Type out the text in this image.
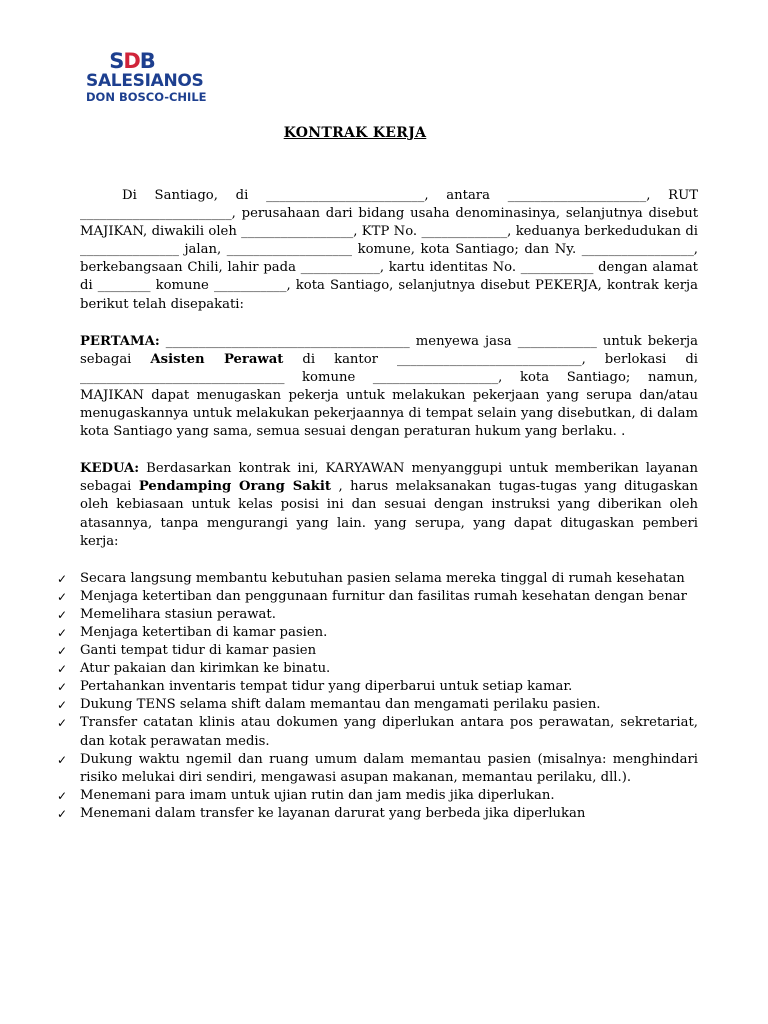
SDB
SALESIANOS
DON BOSCO-CHILE
KONTRAK KERJA

Di Santiago, di ________________________, antara _____________________, RUT _______________________, perusahaan dari bidang usaha denominasinya, selanjutnya disebut MAJIKAN, diwakili oleh _________________, KTP No. _____________, keduanya berkedudukan di _______________ jalan, ___________________ komune, kota Santiago; dan Ny. _________________, berkebangsaan Chili, lahir pada ____________, kartu identitas No. ___________ dengan alamat di ________ komune ___________, kota Santiago, selanjutnya disebut PEKERJA, kontrak kerja berikut telah disepakati:

PERTAMA: _____________________________________ menyewa jasa ____________ untuk bekerja sebagai Asisten Perawat di kantor ____________________________, berlokasi di _______________________________ komune ___________________, kota Santiago; namun, MAJIKAN dapat menugaskan pekerja untuk melakukan pekerjaan yang serupa dan/atau menugaskannya untuk melakukan pekerjaannya di tempat selain yang disebutkan, di dalam kota Santiago yang sama, semua sesuai dengan peraturan hukum yang berlaku. .

KEDUA: Berdasarkan kontrak ini, KARYAWAN menyanggupi untuk memberikan layanan sebagai Pendamping Orang Sakit , harus melaksanakan tugas-tugas yang ditugaskan oleh kebiasaan untuk kelas posisi ini dan sesuai dengan instruksi yang diberikan oleh atasannya, tanpa mengurangi yang lain. yang serupa, yang dapat ditugaskan pemberi kerja:

✓ Secara langsung membantu kebutuhan pasien selama mereka tinggal di rumah kesehatan
✓ Menjaga ketertiban dan penggunaan furnitur dan fasilitas rumah kesehatan dengan benar
✓ Memelihara stasiun perawat.
✓ Menjaga ketertiban di kamar pasien.
✓ Ganti tempat tidur di kamar pasien
✓ Atur pakaian dan kirimkan ke binatu.
✓ Pertahankan inventaris tempat tidur yang diperbarui untuk setiap kamar.
✓ Dukung TENS selama shift dalam memantau dan mengamati perilaku pasien.
✓ Transfer catatan klinis atau dokumen yang diperlukan antara pos perawatan, sekretariat, dan kotak perawatan medis.
✓ Dukung waktu ngemil dan ruang umum dalam memantau pasien (misalnya: menghindari risiko melukai diri sendiri, mengawasi asupan makanan, memantau perilaku, dll.).
✓ Menemani para imam untuk ujian rutin dan jam medis jika diperlukan.
✓ Menemani dalam transfer ke layanan darurat yang berbeda jika diperlukan
